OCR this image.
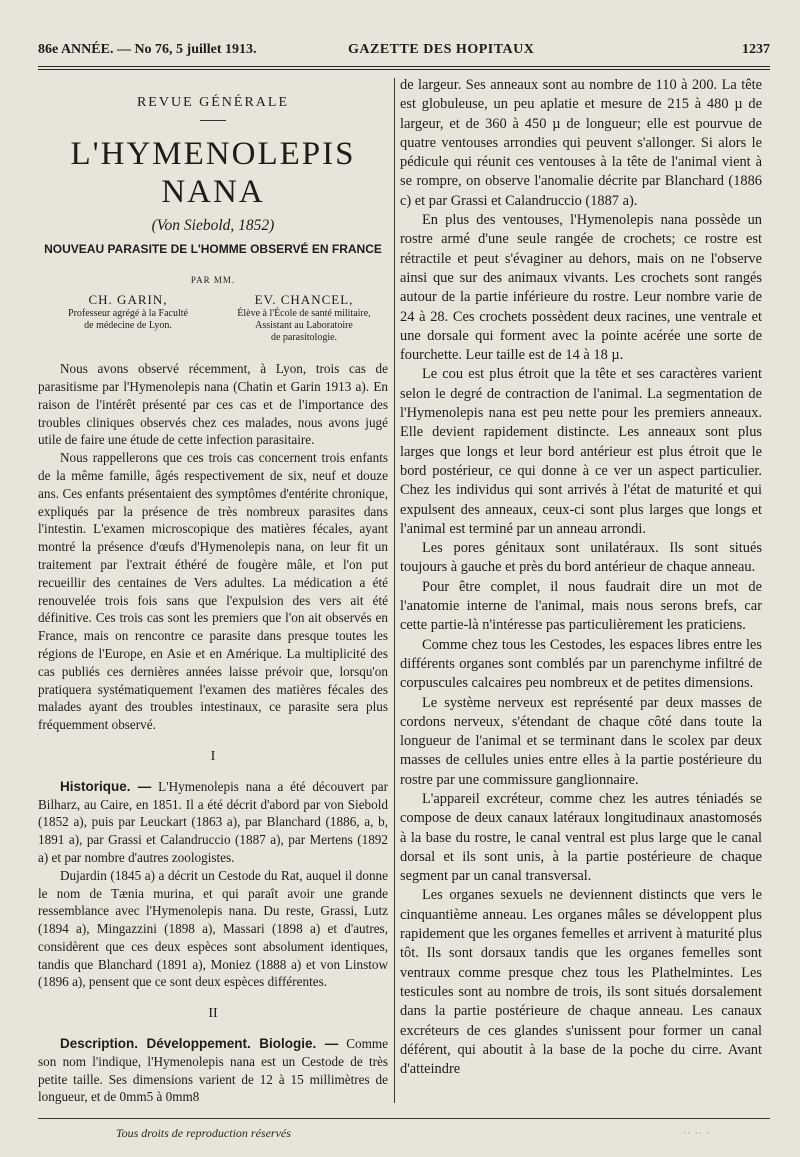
86e ANNÉE. — No 76, 5 juillet 1913.	GAZETTE DES HOPITAUX	1237
REVUE GÉNÉRALE
L'HYMENOLEPIS NANA
(Von Siebold, 1852)
NOUVEAU PARASITE DE L'HOMME OBSERVÉ EN FRANCE
PAR MM.
CH. GARIN,
Professeur agrégé à la Faculté
de médecine de Lyon.
EV. CHANCEL,
Élève à l'École de santé militaire,
Assistant au Laboratoire
de parasitologie.

Nous avons observé récemment, à Lyon, trois cas de parasitisme par l'Hymenolepis nana (Chatin et Garin 1913 a). En raison de l'intérêt présenté par ces cas et de l'importance des troubles cliniques observés chez ces malades, nous avons jugé utile de faire une étude de cette infection parasitaire.

Nous rappellerons que ces trois cas concernent trois enfants de la même famille, âgés respectivement de six, neuf et douze ans. Ces enfants présentaient des symptômes d'entérite chronique, expliqués par la présence de très nombreux parasites dans l'intestin. L'examen microscopique des matières fécales, ayant montré la présence d'œufs d'Hymenolepis nana, on leur fit un traitement par l'extrait éthéré de fougère mâle, et l'on put recueillir des centaines de Vers adultes. La médication a été renouvelée trois fois sans que l'expulsion des vers ait été définitive. Ces trois cas sont les premiers que l'on ait observés en France, mais on rencontre ce parasite dans presque toutes les régions de l'Europe, en Asie et en Amérique. La multiplicité des cas publiés ces dernières années laisse prévoir que, lorsqu'on pratiquera systématiquement l'examen des matières fécales des malades ayant des troubles intestinaux, ce parasite sera plus fréquemment observé.

I

Historique. — L'Hymenolepis nana a été découvert par Bilharz, au Caire, en 1851. Il a été décrit d'abord par von Siebold (1852 a), puis par Leuckart (1863 a), par Blanchard (1886, a, b, 1891 a), par Grassi et Calandruccio (1887 a), par Mertens (1892 a) et par nombre d'autres zoologistes.

Dujardin (1845 a) a décrit un Cestode du Rat, auquel il donne le nom de Tænia murina, et qui paraît avoir une grande ressemblance avec l'Hymenolepis nana. Du reste, Grassi, Lutz (1894 a), Mingazzini (1898 a), Massari (1898 a) et d'autres, considèrent que ces deux espèces sont absolument identiques, tandis que Blanchard (1891 a), Moniez (1888 a) et von Linstow (1896 a), pensent que ce sont deux espèces différentes.

II

Description. Développement. Biologie. — Comme son nom l'indique, l'Hymenolepis nana est un Cestode de très petite taille. Ses dimensions varient de 12 à 15 millimètres de longueur, et de 0mm5 à 0mm8

de largeur. Ses anneaux sont au nombre de 110 à 200. La tête est globuleuse, un peu aplatie et mesure de 215 à 480 µ de largeur, et de 360 à 450 µ de longueur; elle est pourvue de quatre ventouses arrondies qui peuvent s'allonger. Si alors le pédicule qui réunit ces ventouses à la tête de l'animal vient à se rompre, on observe l'anomalie décrite par Blanchard (1886 c) et par Grassi et Calandruccio (1887 a).

En plus des ventouses, l'Hymenolepis nana possède un rostre armé d'une seule rangée de crochets; ce rostre est rétractile et peut s'évaginer au dehors, mais on ne l'observe ainsi que sur des animaux vivants. Les crochets sont rangés autour de la partie inférieure du rostre. Leur nombre varie de 24 à 28. Ces crochets possèdent deux racines, une ventrale et une dorsale qui forment avec la pointe acérée une sorte de fourchette. Leur taille est de 14 à 18 µ.

Le cou est plus étroit que la tête et ses caractères varient selon le degré de contraction de l'animal. La segmentation de l'Hymenolepis nana est peu nette pour les premiers anneaux. Elle devient rapidement distincte. Les anneaux sont plus larges que longs et leur bord antérieur est plus étroit que le bord postérieur, ce qui donne à ce ver un aspect particulier. Chez les individus qui sont arrivés à l'état de maturité et qui expulsent des anneaux, ceux-ci sont plus larges que longs et l'animal est terminé par un anneau arrondi.

Les pores génitaux sont unilatéraux. Ils sont situés toujours à gauche et près du bord antérieur de chaque anneau.

Pour être complet, il nous faudrait dire un mot de l'anatomie interne de l'animal, mais nous serons brefs, car cette partie-là n'intéresse pas particulièrement les praticiens.

Comme chez tous les Cestodes, les espaces libres entre les différents organes sont comblés par un parenchyme infiltré de corpuscules calcaires peu nombreux et de petites dimensions.

Le système nerveux est représenté par deux masses de cordons nerveux, s'étendant de chaque côté dans toute la longueur de l'animal et se terminant dans le scolex par deux masses de cellules unies entre elles à la partie postérieure du rostre par une commissure ganglionnaire.

L'appareil excréteur, comme chez les autres téniadés se compose de deux canaux latéraux longitudinaux anastomosés à la base du rostre, le canal ventral est plus large que le canal dorsal et ils sont unis, à la partie postérieure de chaque segment par un canal transversal.

Les organes sexuels ne deviennent distincts que vers le cinquantième anneau. Les organes mâles se développent plus rapidement que les organes femelles et arrivent à maturité plus tôt. Ils sont dorsaux tandis que les organes femelles sont ventraux comme presque chez tous les Plathelmintes. Les testicules sont au nombre de trois, ils sont situés dorsalement dans la partie postérieure de chaque anneau. Les canaux excréteurs de ces glandes s'unissent pour former un canal déférent, qui aboutit à la base de la poche du cirre. Avant d'atteindre

Tous droits de reproduction réservés	·· ·· ·
